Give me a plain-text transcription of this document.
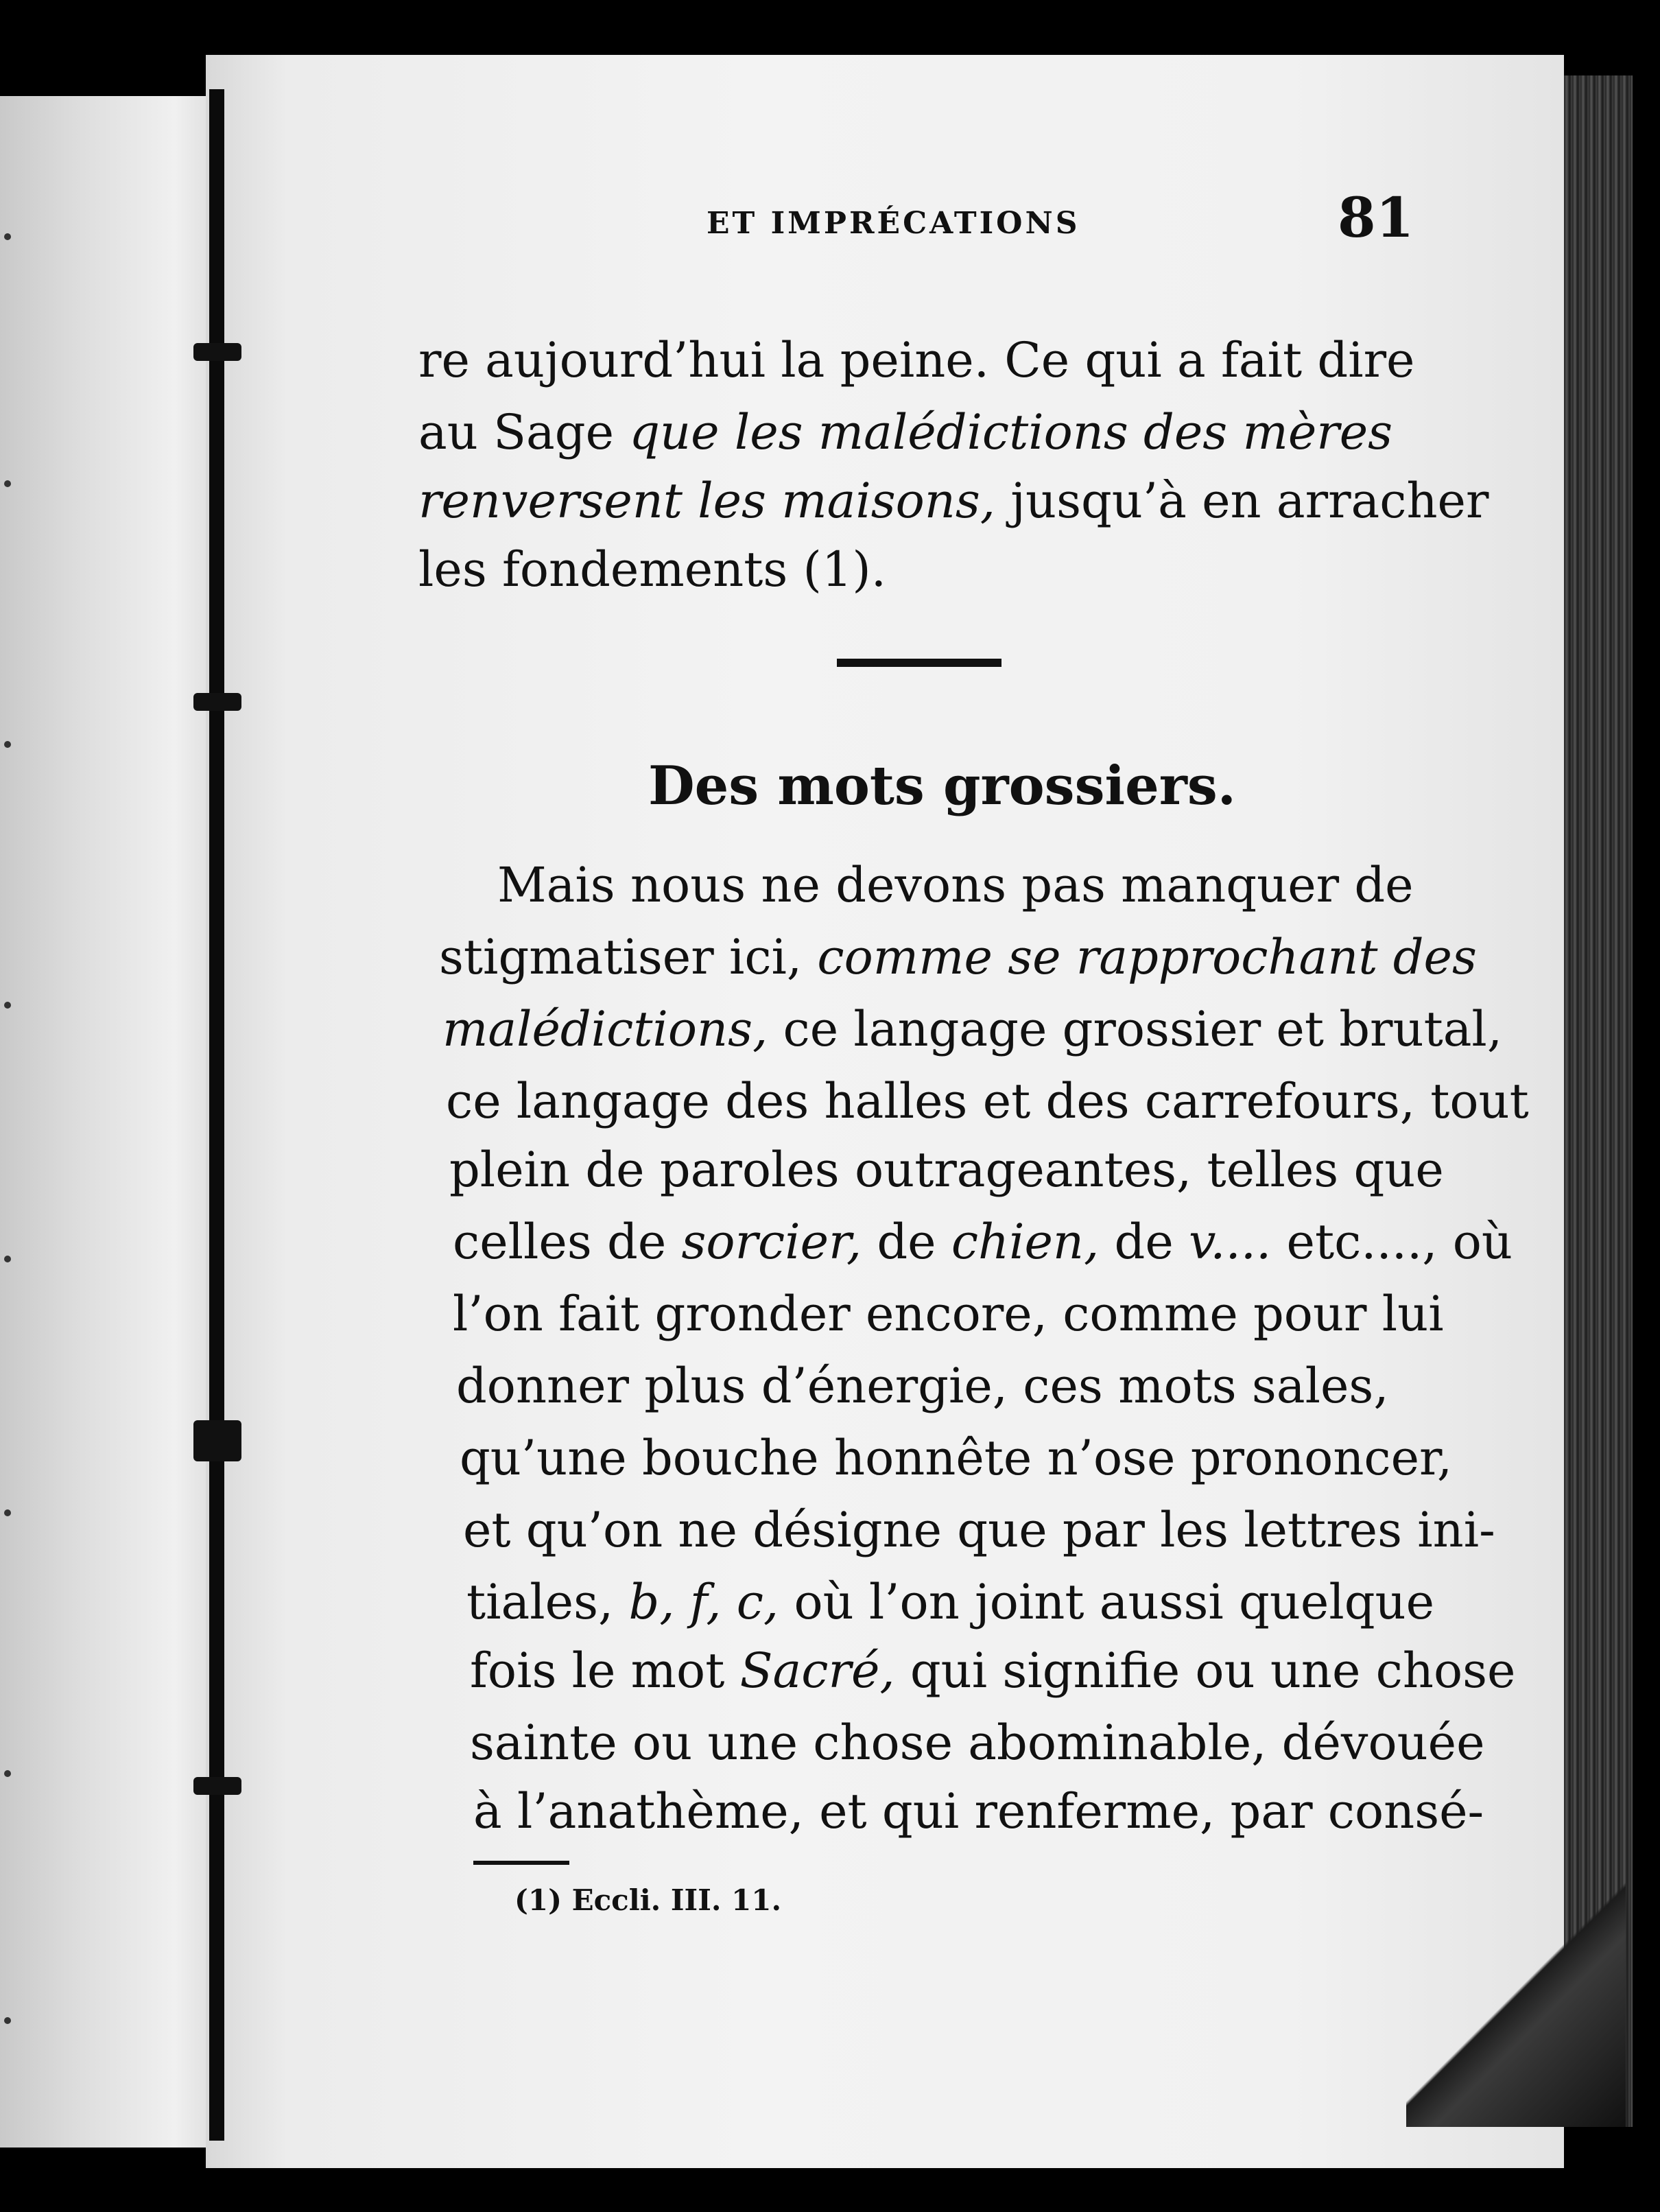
ET IMPRÉCATIONS	81
re aujourd’hui la peine. Ce qui a fait dire
au Sage que les malédictions des mères
renversent les maisons, jusqu’à en arracher
les fondements (1).
Des mots grossiers.
Mais nous ne devons pas manquer de
stigmatiser ici, comme se rapprochant des
malédictions, ce langage grossier et brutal,
ce langage des halles et des carrefours, tout
plein de paroles outrageantes, telles que
celles de sorcier, de chien, de v.... etc...., où
l’on fait gronder encore, comme pour lui
donner plus d’énergie, ces mots sales,
qu’une bouche honnête n’ose prononcer,
et qu’on ne désigne que par les lettres ini-
tiales, b, f, c, où l’on joint aussi quelque
fois le mot Sacré, qui signifie ou une chose
sainte ou une chose abominable, dévouée
à l’anathème, et qui renferme, par consé-
(1) Eccli. III. 11.
